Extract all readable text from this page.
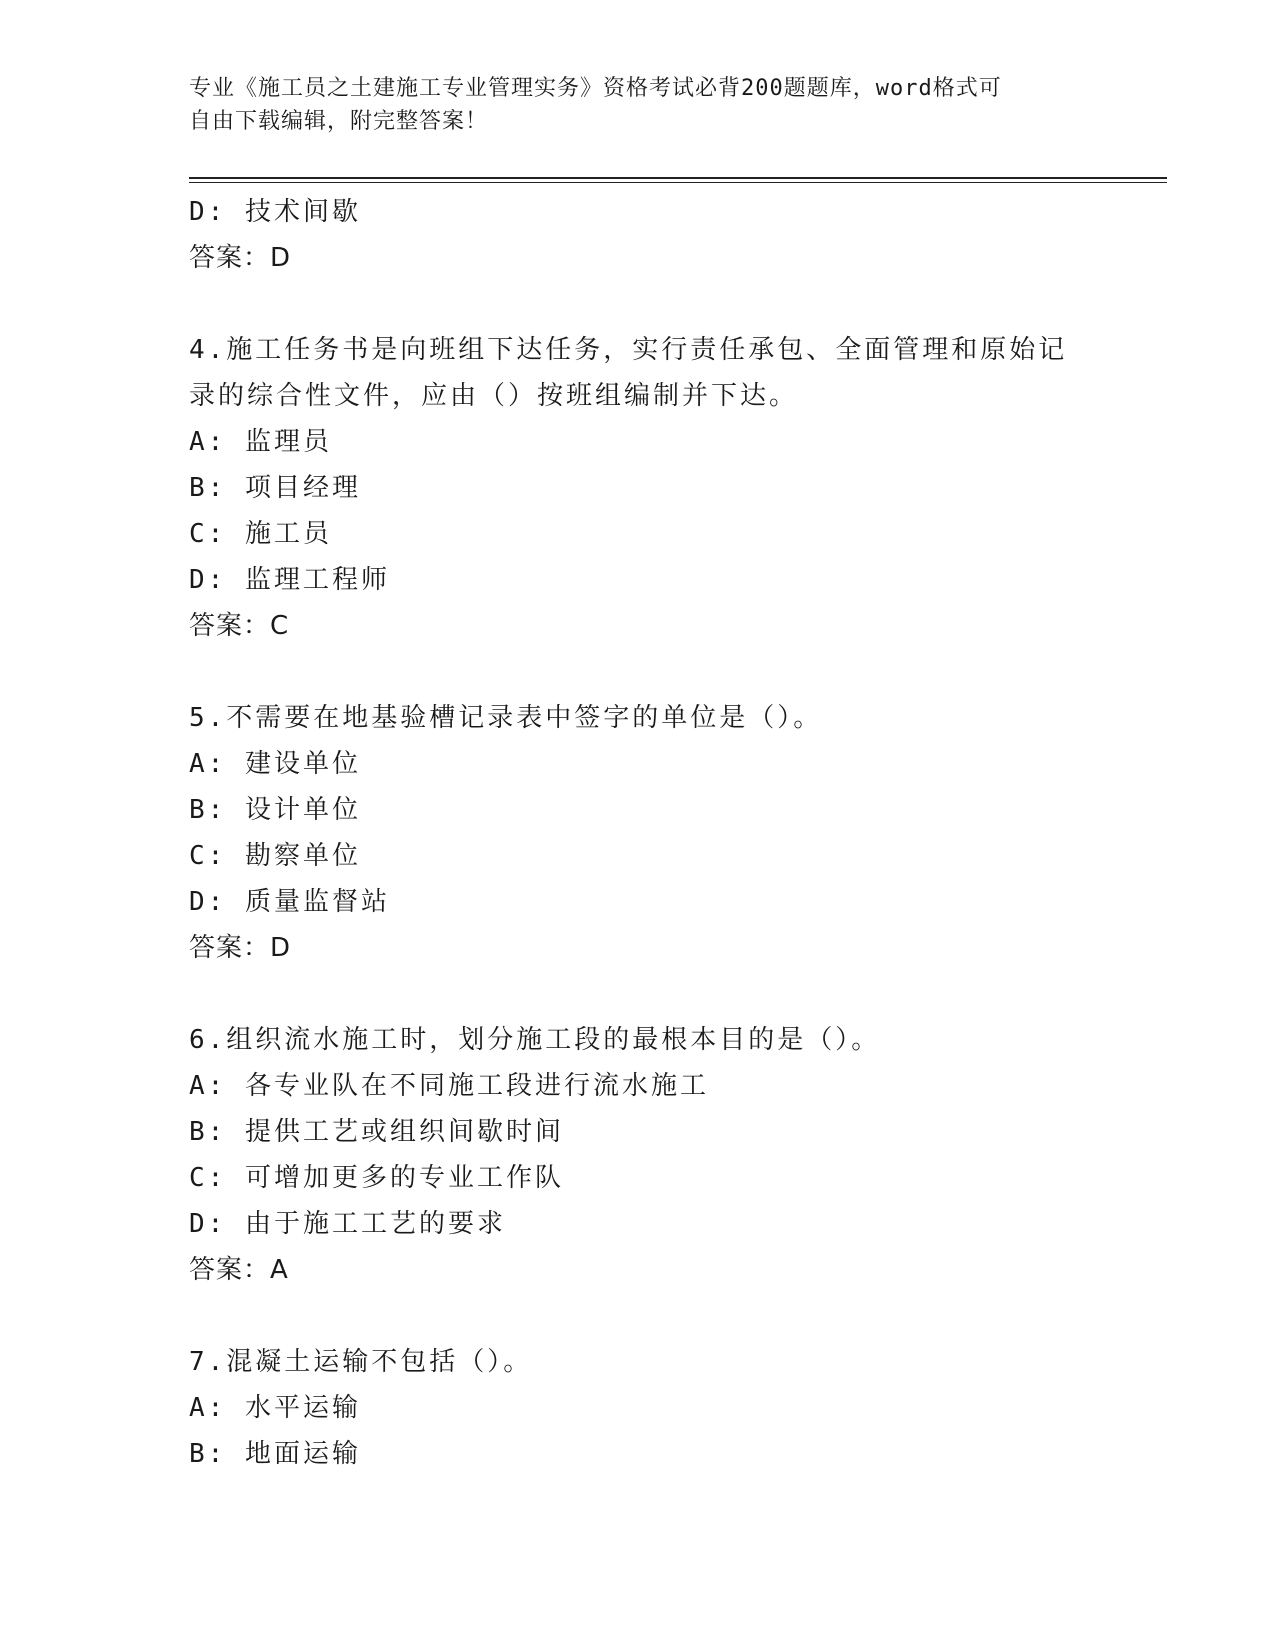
专业《施工员之土建施工专业管理实务》资格考试必背200题题库，word格式可
自由下载编辑，附完整答案！
D: 技术间歇
答案：D
4.施工任务书是向班组下达任务，实行责任承包、全面管理和原始记
录的综合性文件，应由（）按班组编制并下达。
A: 监理员
B: 项目经理
C: 施工员
D: 监理工程师
答案：C
5.不需要在地基验槽记录表中签字的单位是（）。
A: 建设单位
B: 设计单位
C: 勘察单位
D: 质量监督站
答案：D
6.组织流水施工时，划分施工段的最根本目的是（）。
A: 各专业队在不同施工段进行流水施工
B: 提供工艺或组织间歇时间
C: 可增加更多的专业工作队
D: 由于施工工艺的要求
答案：A
7.混凝土运输不包括（）。
A: 水平运输
B: 地面运输
